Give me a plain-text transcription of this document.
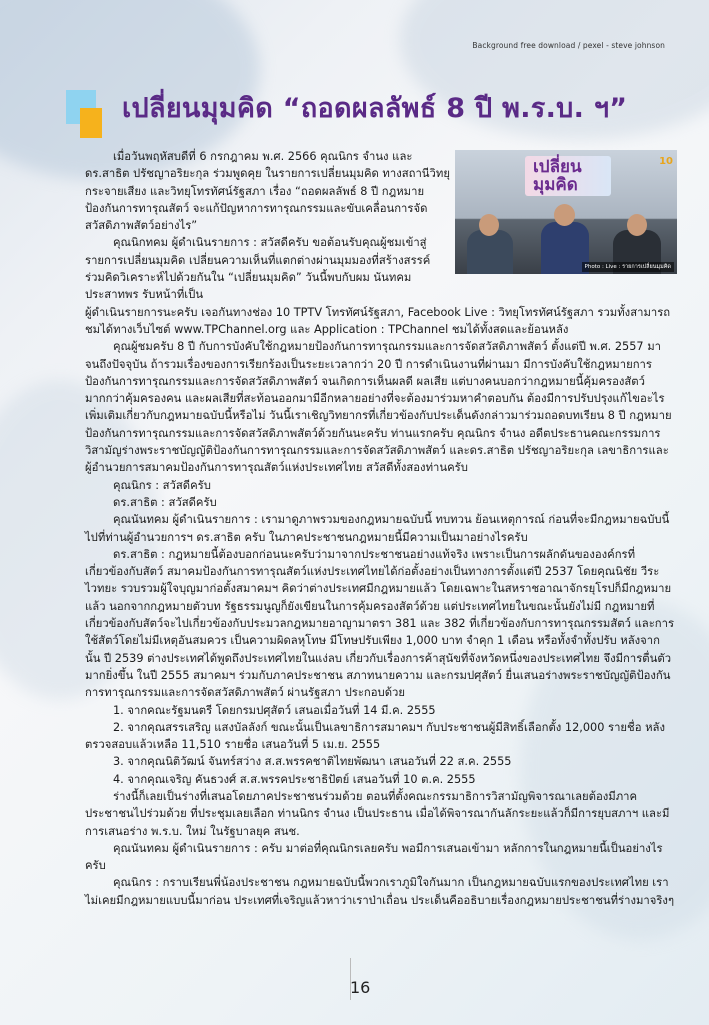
Background free download / pexel - steve johnson
เปลี่ยนมุมคิด “ถอดผลลัพธ์ 8 ปี พ.ร.บ. ฯ”
เปลี่ยน
มุมคิด
10
Photo : Live : รายการเปลี่ยนมุมคิด

เมื่อวันพฤหัสบดีที่ 6 กรกฎาคม พ.ศ. 2566 คุณนิกร จำนง และ ดร.สาธิต ปรัชญาอริยะกุล ร่วมพูดคุย ในรายการเปลี่ยนมุมคิด ทางสถานีวิทยุกระจายเสียง และวิทยุโทรทัศน์รัฐสภา เรื่อง “ถอดผลลัพธ์ 8 ปี กฎหมายป้องกันการทารุณสัตว์ จะแก้ปัญหาการทารุณกรรมและขับเคลื่อนการจัดสวัสดิภาพสัตว์อย่างไร”

คุณนิกทคม ผู้ดำเนินรายการ : สวัสดีครับ ขอต้อนรับคุณผู้ชมเข้าสู่รายการเปลี่ยนมุมคิด เปลี่ยนความเห็นที่แตกต่างผ่านมุมมองที่สร้างสรรค์ ร่วมคิดวิเคราะห์ไปด้วยกันใน “เปลี่ยนมุมคิด” วันนี้พบกับผม นันทคม ประสาทพร รับหน้าที่เป็น

ผู้ดำเนินรายการนะครับ เจอกันทางช่อง 10 TPTV โทรทัศน์รัฐสภา, Facebook Live : วิทยุโทรทัศน์รัฐสภา รวมทั้งสามารถชมได้ทางเว็บไซต์ www.TPChannel.org และ Application : TPChannel ชมได้ทั้งสดและย้อนหลัง

คุณผู้ชมครับ 8 ปี กับการบังคับใช้กฎหมายป้องกันการทารุณกรรมและการจัดสวัสดิภาพสัตว์ ตั้งแต่ปี พ.ศ. 2557 มาจนถึงปัจจุบัน ถ้ารวมเรื่องของการเรียกร้องเป็นระยะเวลากว่า 20 ปี การดำเนินงานที่ผ่านมา มีการบังคับใช้กฎหมายการป้องกันการทารุณกรรมและการจัดสวัสดิภาพสัตว์ จนเกิดการเห็นผลดี ผลเสีย แต่บางคนบอกว่ากฎหมายนี้คุ้มครองสัตว์มากกว่าคุ้มครองคน และผลเสียที่สะท้อนออกมามีอีกหลายอย่างที่จะต้องมาร่วมหาคำตอบกัน ต้องมีการปรับปรุงแก้ไขอะไรเพิ่มเติมเกี่ยวกับกฎหมายฉบับนี้หรือไม่ วันนี้เราเชิญวิทยากรที่เกี่ยวข้องกับประเด็นดังกล่าวมาร่วมถอดบทเรียน 8 ปี กฎหมายป้องกันการทารุณกรรมและการจัดสวัสดิภาพสัตว์ด้วยกันนะครับ ท่านแรกครับ คุณนิกร จำนง อดีตประธานคณะกรรมการวิสามัญร่างพระราชบัญญัติป้องกันการทารุณกรรมและการจัดสวัสดิภาพสัตว์ และดร.สาธิต ปรัชญาอริยะกุล เลขาธิการและผู้อำนวยการสมาคมป้องกันการทารุณสัตว์แห่งประเทศไทย สวัสดีทั้งสองท่านครับ

คุณนิกร : สวัสดีครับ

ดร.สาธิต : สวัสดีครับ

คุณนันทคม ผู้ดำเนินรายการ : เรามาดูภาพรวมของกฎหมายฉบับนี้ ทบทวน ย้อนเหตุการณ์ ก่อนที่จะมีกฎหมายฉบับนี้ ไปที่ท่านผู้อำนวยการฯ ดร.สาธิต ครับ ในภาคประชาชนกฎหมายนี้มีความเป็นมาอย่างไรครับ

ดร.สาธิต : กฎหมายนี้ต้องบอกก่อนนะครับว่ามาจากประชาชนอย่างแท้จริง เพราะเป็นการผลักดันขององค์กรที่เกี่ยวข้องกับสัตว์ สมาคมป้องกันการทารุณสัตว์แห่งประเทศไทยได้ก่อตั้งอย่างเป็นทางการตั้งแต่ปี 2537 โดยคุณนิชัย วีระไวทยะ รวบรวมผู้ใจบุญมาก่อตั้งสมาคมฯ คิดว่าต่างประเทศมีกฎหมายแล้ว โดยเฉพาะในสหราชอาณาจักรยุโรปก็มีกฎหมายแล้ว นอกจากกฎหมายตัวบท รัฐธรรมนูญก็ยังเขียนในการคุ้มครองสัตว์ด้วย แต่ประเทศไทยในขณะนั้นยังไม่มี กฎหมายที่เกี่ยวข้องกับสัตว์จะไปเกี่ยวข้องกับประมวลกฎหมายอาญามาตรา 381 และ 382 ที่เกี่ยวข้องกับการทารุณกรรมสัตว์ และการใช้สัตว์โดยไม่มีเหตุอันสมควร เป็นความผิดลหุโทษ มีโทษปรับเพียง 1,000 บาท จำคุก 1 เดือน หรือทั้งจำทั้งปรับ หลังจากนั้น ปี 2539 ต่างประเทศได้พูดถึงประเทศไทยในแง่ลบ เกี่ยวกับเรื่องการค้าสุนัขที่จังหวัดหนึ่งของประเทศไทย จึงมีการตื่นตัวมากยิ่งขึ้น ในปี 2555 สมาคมฯ ร่วมกับภาคประชาชน สภาทนายความ และกรมปศุสัตว์ ยื่นเสนอร่างพระราชบัญญัติป้องกันการทารุณกรรมและการจัดสวัสดิภาพสัตว์ ผ่านรัฐสภา ประกอบด้วย

1. จากคณะรัฐมนตรี โดยกรมปศุสัตว์ เสนอเมื่อวันที่ 14 มี.ค. 2555

2. จากคุณสรรเสริญ แสงบัลลังก์ ขณะนั้นเป็นเลขาธิการสมาคมฯ กับประชาชนผู้มีสิทธิ์เลือกตั้ง 12,000 รายชื่อ หลังตรวจสอบแล้วเหลือ 11,510 รายชื่อ เสนอวันที่ 5 เม.ย. 2555

3. จากคุณนิติวัฒน์ จันทร์สว่าง ส.ส.พรรคชาติไทยพัฒนา เสนอวันที่ 22 ส.ค. 2555

4. จากคุณเจริญ คันธวงศ์ ส.ส.พรรคประชาธิปัตย์ เสนอวันที่ 10 ต.ค. 2555

ร่างนี้ก็เลยเป็นร่างที่เสนอโดยภาคประชาชนร่วมด้วย ตอนที่ตั้งคณะกรรมาธิการวิสามัญพิจารณาเลยต้องมีภาคประชาชนไปร่วมด้วย ที่ประชุมเลยเลือก ท่านนิกร จำนง เป็นประธาน เมื่อได้พิจารณากันลักระยะแล้วก็มีการยุบสภาฯ และมีการเสนอร่าง พ.ร.บ. ใหม่ ในรัฐบาลยุค สนช.

คุณนันทคม ผู้ดำเนินรายการ : ครับ มาต่อที่คุณนิกรเลยครับ พอมีการเสนอเข้ามา หลักการในกฎหมายนี้เป็นอย่างไรครับ

คุณนิกร : กราบเรียนพี่น้องประชาชน กฎหมายฉบับนี้พวกเราภูมิใจกันมาก เป็นกฎหมายฉบับแรกของประเทศไทย เราไม่เคยมีกฎหมายแบบนี้มาก่อน ประเทศที่เจริญแล้วหาว่าเราป่าเถื่อน ประเด็นคืออธิบายเรื่องกฎหมายประชาชนที่ร่างมาจริงๆ

16
